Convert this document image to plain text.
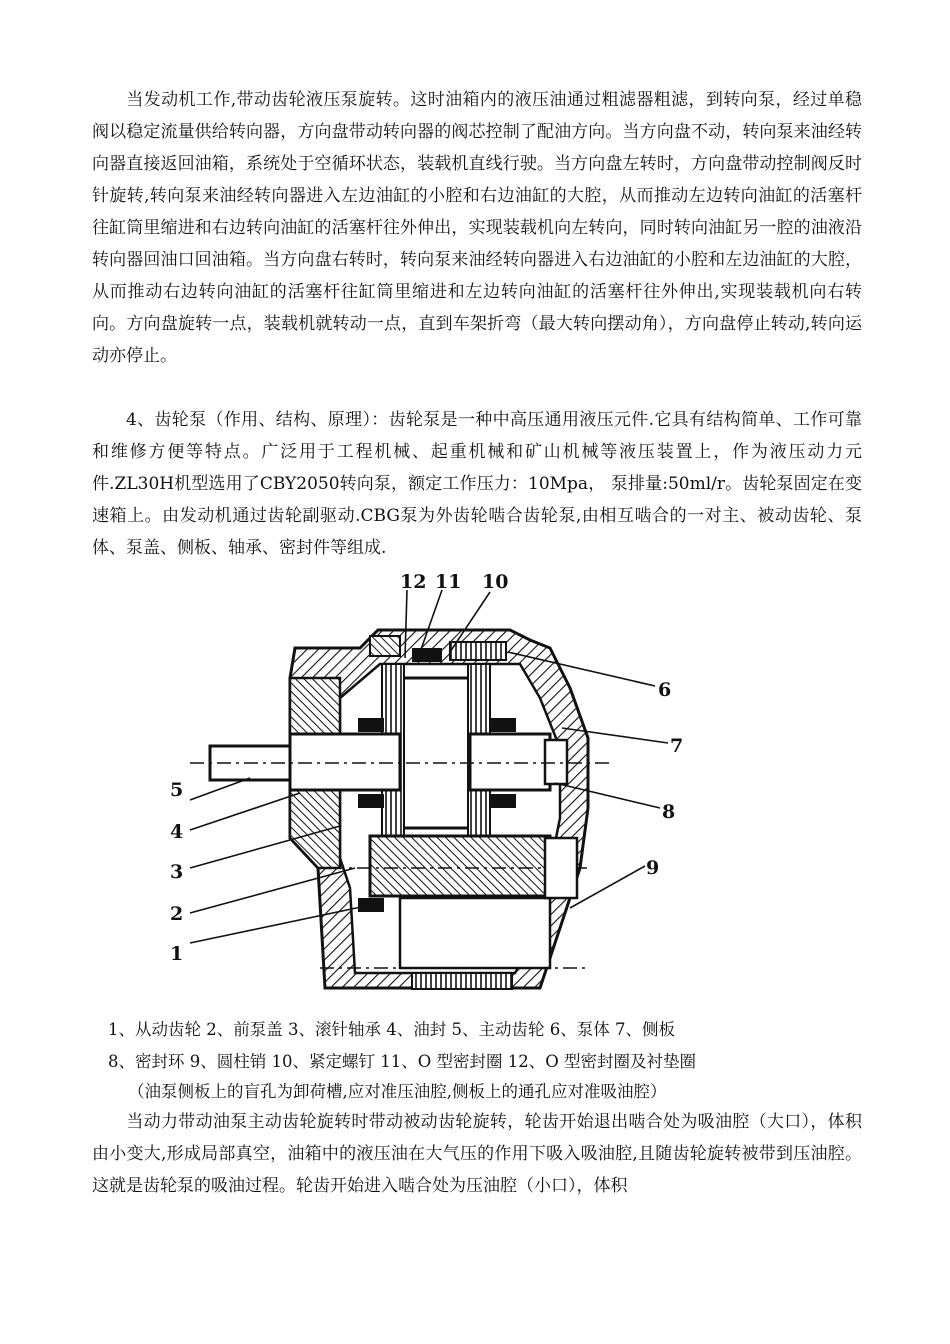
当发动机工作,带动齿轮液压泵旋转。这时油箱内的液压油通过粗滤器粗滤，到转向泵，经过单稳阀以稳定流量供给转向器，方向盘带动转向器的阀芯控制了配油方向。当方向盘不动，转向泵来油经转向器直接返回油箱，系统处于空循环状态，装载机直线行驶。当方向盘左转时，方向盘带动控制阀反时针旋转,转向泵来油经转向器进入左边油缸的小腔和右边油缸的大腔，从而推动左边转向油缸的活塞杆往缸筒里缩进和右边转向油缸的活塞杆往外伸出，实现装载机向左转向，同时转向油缸另一腔的油液沿转向器回油口回油箱。当方向盘右转时，转向泵来油经转向器进入右边油缸的小腔和左边油缸的大腔，从而推动右边转向油缸的活塞杆往缸筒里缩进和左边转向油缸的活塞杆往外伸出,实现装载机向右转向。方向盘旋转一点，装载机就转动一点，直到车架折弯（最大转向摆动角），方向盘停止转动,转向运动亦停止。

4、齿轮泵（作用、结构、原理）：齿轮泵是一种中高压通用液压元件.它具有结构简单、工作可靠和维修方便等特点。广泛用于工程机械、起重机械和矿山机械等液压装置上，作为液压动力元件.ZL30H机型选用了CBY2050转向泵，额定工作压力：10Mpa， 泵排量:50ml/r。齿轮泵固定在变速箱上。由发动机通过齿轮副驱动.CBG泵为外齿轮啮合齿轮泵,由相互啮合的一对主、被动齿轮、泵体、泵盖、侧板、轴承、密封件等组成.

12 11 10
6
7
8
9
5
4
3
2
1

1、从动齿轮 2、前泵盖 3、滚针轴承 4、油封 5、主动齿轮 6、泵体 7、侧板

8、密封环 9、圆柱销 10、紧定螺钉 11、O 型密封圈 12、O 型密封圈及衬垫圈

（油泵侧板上的盲孔为卸荷槽,应对准压油腔,侧板上的通孔应对准吸油腔）

当动力带动油泵主动齿轮旋转时带动被动齿轮旋转，轮齿开始退出啮合处为吸油腔（大口），体积由小变大,形成局部真空，油箱中的液压油在大气压的作用下吸入吸油腔,且随齿轮旋转被带到压油腔。这就是齿轮泵的吸油过程。轮齿开始进入啮合处为压油腔（小口），体积
